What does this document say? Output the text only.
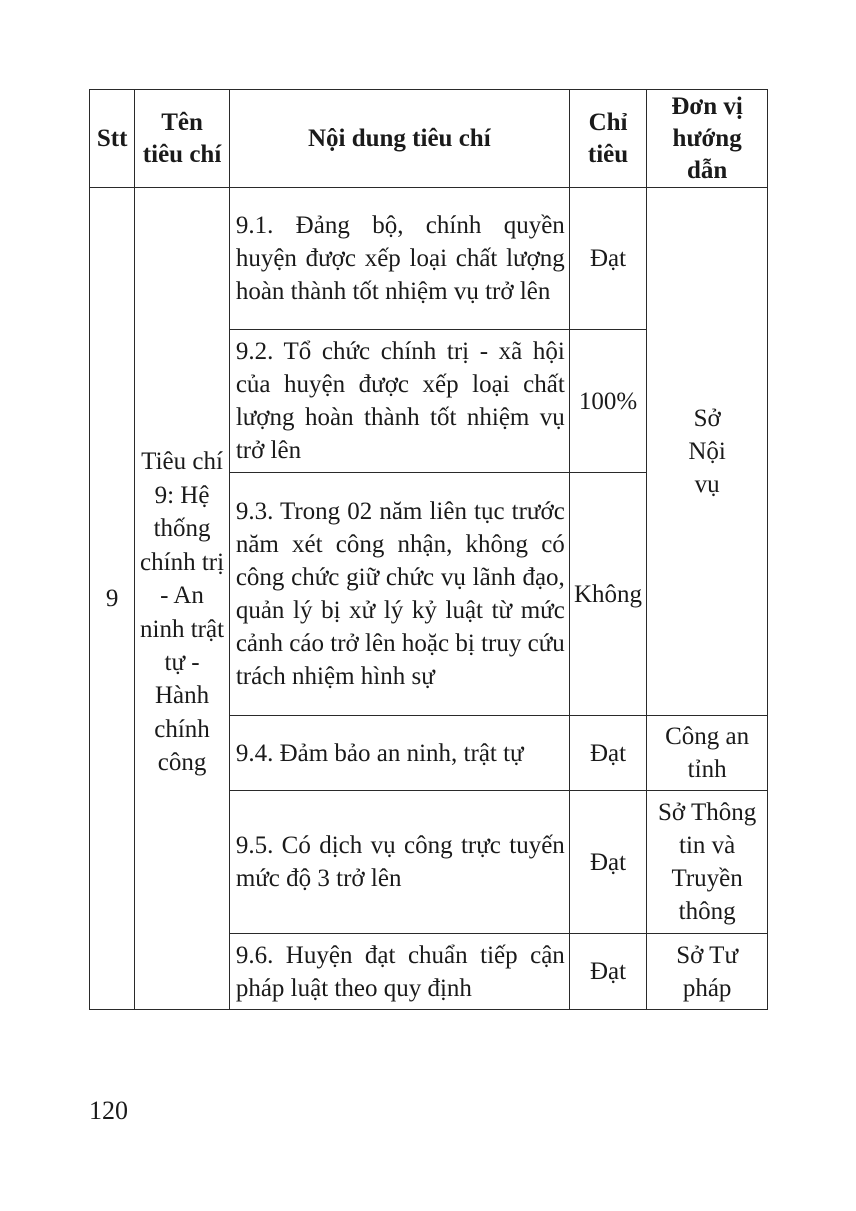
Stt	Tên tiêu chí	Nội dung tiêu chí	Chỉ tiêu	Đơn vị hướng dẫn
9	Tiêu chí 9: Hệ thống chính trị - An ninh trật tự - Hành chính công	9.1. Đảng bộ, chính quyền huyện được xếp loại chất lượng hoàn thành tốt nhiệm vụ trở lên	Đạt	Sở Nội vụ
		9.2. Tổ chức chính trị - xã hội của huyện được xếp loại chất lượng hoàn thành tốt nhiệm vụ trở lên	100%	
		9.3. Trong 02 năm liên tục trước năm xét công nhận, không có công chức giữ chức vụ lãnh đạo, quản lý bị xử lý kỷ luật từ mức cảnh cáo trở lên hoặc bị truy cứu trách nhiệm hình sự	Không	
		9.4. Đảm bảo an ninh, trật tự	Đạt	Công an tỉnh
		9.5. Có dịch vụ công trực tuyến mức độ 3 trở lên	Đạt	Sở Thông tin và Truyền thông
		9.6. Huyện đạt chuẩn tiếp cận pháp luật theo quy định	Đạt	Sở Tư pháp
120
